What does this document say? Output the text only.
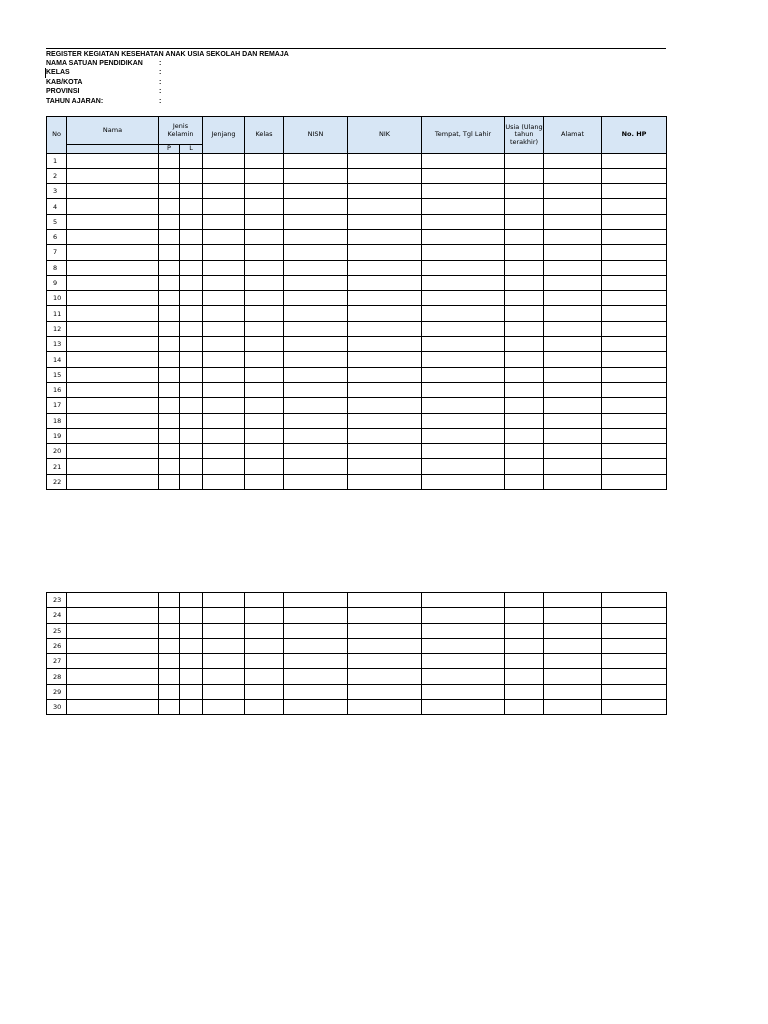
REGISTER KEGIATAN KESEHATAN ANAK USIA SEKOLAH DAN REMAJA
NAMA SATUAN PENDIDIKAN :
KELAS	:
KAB/KOTA	:
PROVINSI	:
TAHUN AJARAN:	:
No	Nama	Jenis Kelamin		Jenjang	Kelas	NISN	NIK	Tempat, Tgl Lahir	Usia (Ulang tahun terakhir)	Alamat	No. HP
		P	L								
1											
2											
3											
4											
5											
6											
7											
8											
9											
10											
11											
12											
13											
14											
15											
16											
17											
18											
19											
20											
21											
22											
23											
24											
25											
26											
27											
28											
29											
30											
